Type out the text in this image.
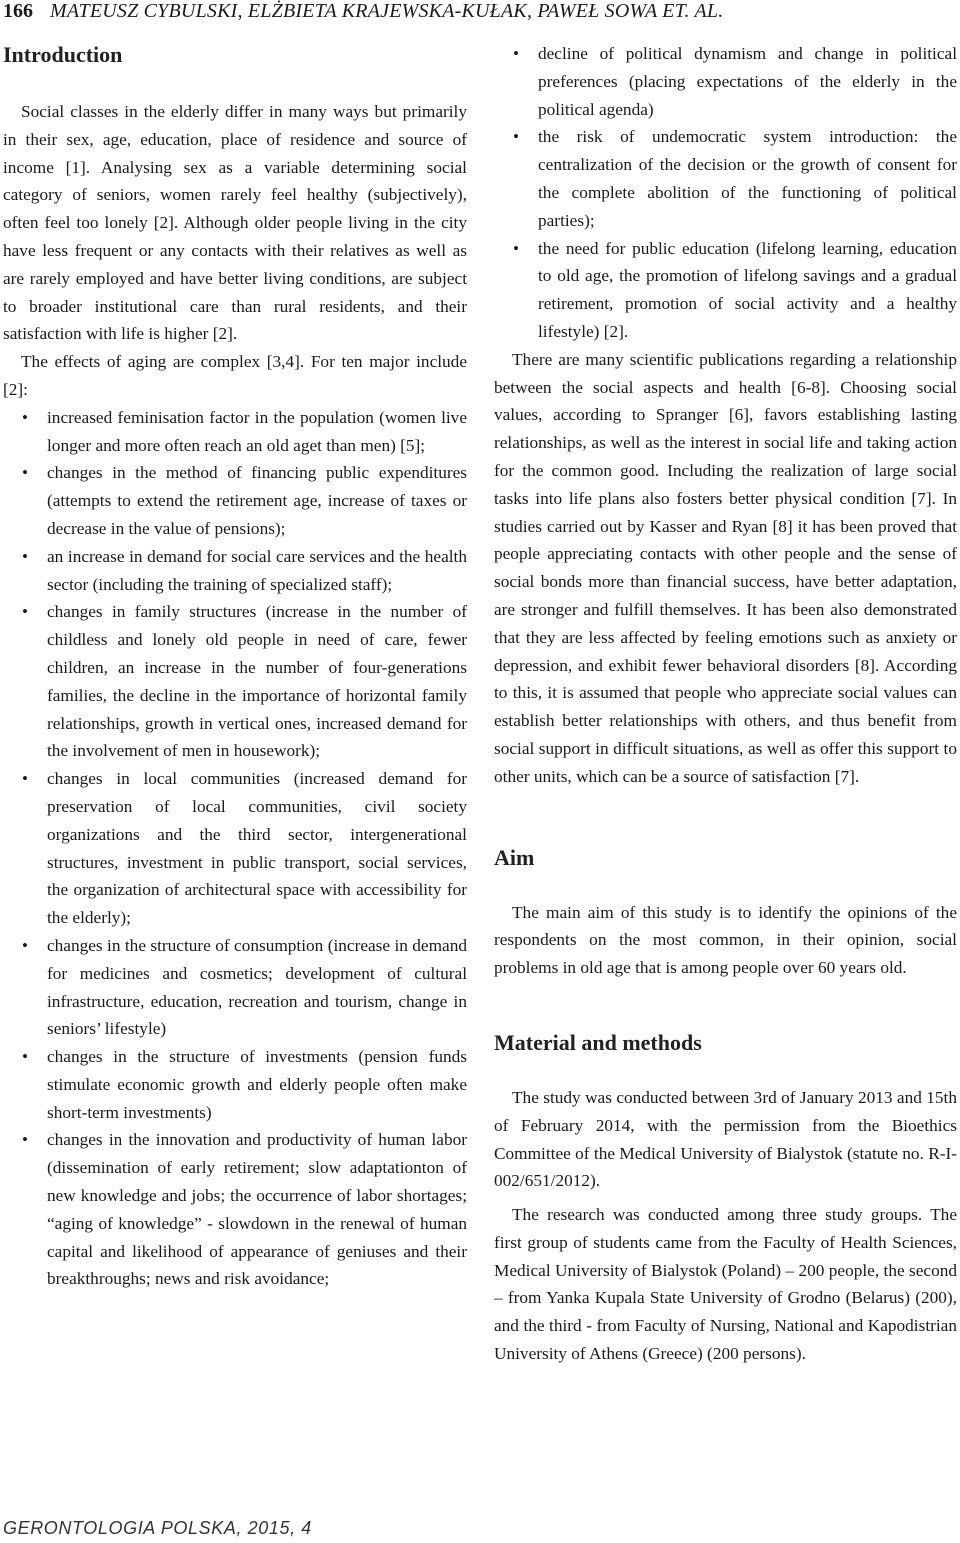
166 MATEUSZ CYBULSKI, ELŻBIETA KRAJEWSKA-KUŁAK, PAWEŁ SOWA ET. AL.
Introduction

Social classes in the elderly differ in many ways but primarily in their sex, age, education, place of residence and source of income [1]. Analysing sex as a variable determining social category of seniors, women rarely feel healthy (subjectively), often feel too lonely [2]. Although older people living in the city have less frequent or any contacts with their relatives as well as are rarely employed and have better living conditions, are subject to broader institutional care than rural residents, and their satisfaction with life is higher [2].

The effects of aging are complex [3,4]. For ten major include [2]:

• increased feminisation factor in the population (women live longer and more often reach an old aget than men) [5];
• changes in the method of financing public expenditures (attempts to extend the retirement age, increase of taxes or decrease in the value of pensions);
• an increase in demand for social care services and the health sector (including the training of specialized staff);
• changes in family structures (increase in the number of childless and lonely old people in need of care, fewer children, an increase in the number of four-generations families, the decline in the importance of horizontal family relationships, growth in vertical ones, increased demand for the involvement of men in housework);
• changes in local communities (increased demand for preservation of local communities, civil society organizations and the third sector, intergenerational structures, investment in public transport, social services, the organization of architectural space with accessibility for the elderly);
• changes in the structure of consumption (increase in demand for medicines and cosmetics; development of cultural infrastructure, education, recreation and tourism, change in seniors’ lifestyle)
• changes in the structure of investments (pension funds stimulate economic growth and elderly people often make short-term investments)
• changes in the innovation and productivity of human labor (dissemination of early retirement; slow adaptationton of new knowledge and jobs; the occurrence of labor shortages; “aging of knowledge” - slowdown in the renewal of human capital and likelihood of appearance of geniuses and their breakthroughs; news and risk avoidance;
• decline of political dynamism and change in political preferences (placing expectations of the elderly in the political agenda)
• the risk of undemocratic system introduction: the centralization of the decision or the growth of consent for the complete abolition of the functioning of political parties);
• the need for public education (lifelong learning, education to old age, the promotion of lifelong savings and a gradual retirement, promotion of social activity and a healthy lifestyle) [2].

There are many scientific publications regarding a relationship between the social aspects and health [6-8]. Choosing social values, according to Spranger [6], favors establishing lasting relationships, as well as the interest in social life and taking action for the common good. Including the realization of large social tasks into life plans also fosters better physical condition [7]. In studies carried out by Kasser and Ryan [8] it has been proved that people appreciating contacts with other people and the sense of social bonds more than financial success, have better adaptation, are stronger and fulfill themselves. It has been also demonstrated that they are less affected by feeling emotions such as anxiety or depression, and exhibit fewer behavioral disorders [8]. According to this, it is assumed that people who appreciate social values can establish better relationships with others, and thus benefit from social support in difficult situations, as well as offer this support to other units, which can be a source of satisfaction [7].

Aim

The main aim of this study is to identify the opinions of the respondents on the most common, in their opinion, social problems in old age that is among people over 60 years old.

Material and methods

The study was conducted between 3rd of January 2013 and 15th of February 2014, with the permission from the Bioethics Committee of the Medical University of Bialystok (statute no. R-I-002/651/2012).

The research was conducted among three study groups. The first group of students came from the Faculty of Health Sciences, Medical University of Bialystok (Poland) – 200 people, the second – from Yanka Kupala State University of Grodno (Belarus) (200), and the third - from Faculty of Nursing, National and Kapodistrian University of Athens (Greece) (200 persons).

GERONTOLOGIA POLSKA, 2015, 4
